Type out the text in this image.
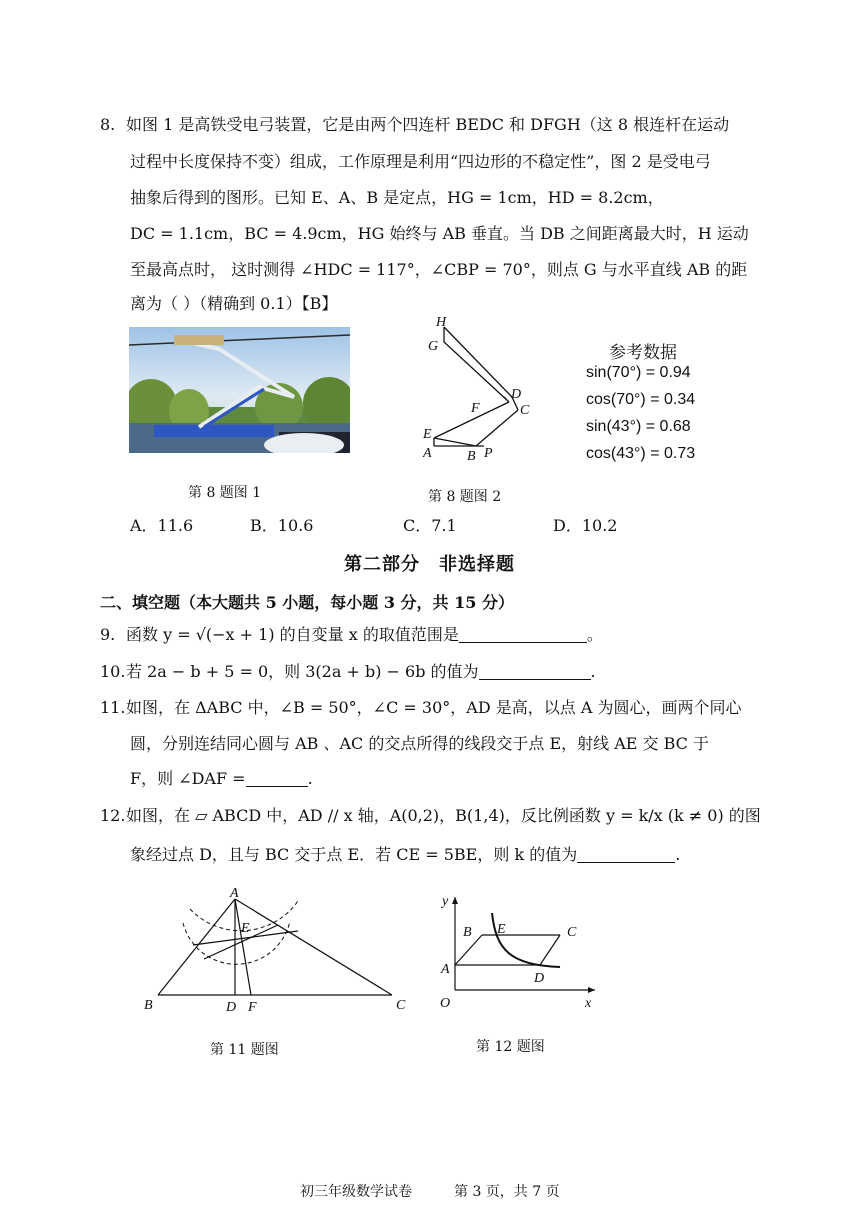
8. 如图 1 是高铁受电弓装置，它是由两个四连杆 BEDC 和 DFGH（这 8 根连杆在运动
过程中长度保持不变）组成，工作原理是利用“四边形的不稳定性”，图 2 是受电弓
抽象后得到的图形。已知 E、A、B 是定点，HG = 1cm，HD = 8.2cm，
DC = 1.1cm，BC = 4.9cm，HG 始终与 AB 垂直。当 DB 之间距离最大时，H 运动
至最高点时， 这时测得 ∠HDC = 117°，∠CBP = 70°，则点 G 与水平直线 AB 的距
离为（ ）（精确到 0.1）【B】
第 8 题图 1
H
G
D
C
F
E
A	B P
第 8 题图 2
参考数据
sin(70°) = 0.94
cos(70°) = 0.34
sin(43°) = 0.68
cos(43°) = 0.73
A．11.6	B．10.6	C．7.1	D．10.2
第二部分　非选择题
二、填空题（本大题共 5 小题，每小题 3 分，共 15 分）
9. 函数 y = √(−x + 1) 的自变量 x 的取值范围是	。
10.若 2a − b + 5 = 0，则 3(2a + b) − 6b 的值为	.
11.如图，在 ΔABC 中，∠B = 50°，∠C = 30°，AD 是高，以点 A 为圆心，画两个同心
圆，分别连结同心圆与 AB 、AC 的交点所得的线段交于点 E，射线 AE 交 BC 于
F，则 ∠DAF =	.
12.如图，在 ▱ ABCD 中，AD // x 轴，A(0,2)，B(1,4)，反比例函数 y = k/x (k ≠ 0) 的图
象经过点 D，且与 BC 交于点 E．若 CE = 5BE，则 k 的值为	.
A
B	C
D F
E
第 11 题图
y
x
O
A
B	C
D
E
第 12 题图
初三年级数学试卷　　　第 3 页，共 7 页
